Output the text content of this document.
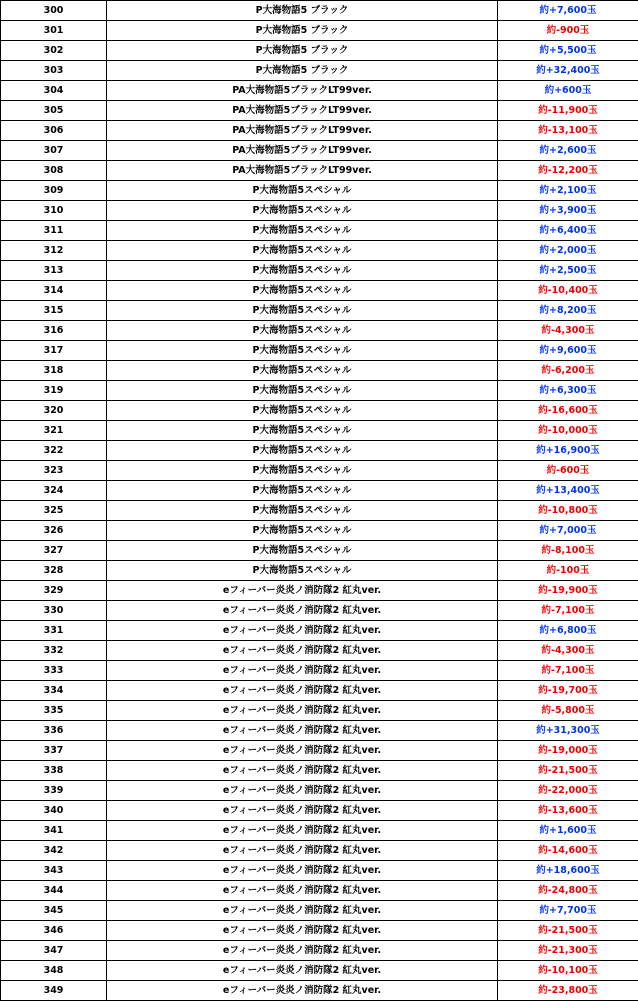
300	P大海物語5 ブラック	約+7,600玉
301	P大海物語5 ブラック	約-900玉
302	P大海物語5 ブラック	約+5,500玉
303	P大海物語5 ブラック	約+32,400玉
304	PA大海物語5ブラックLT99ver.	約+600玉
305	PA大海物語5ブラックLT99ver.	約-11,900玉
306	PA大海物語5ブラックLT99ver.	約-13,100玉
307	PA大海物語5ブラックLT99ver.	約+2,600玉
308	PA大海物語5ブラックLT99ver.	約-12,200玉
309	P大海物語5スペシャル	約+2,100玉
310	P大海物語5スペシャル	約+3,900玉
311	P大海物語5スペシャル	約+6,400玉
312	P大海物語5スペシャル	約+2,000玉
313	P大海物語5スペシャル	約+2,500玉
314	P大海物語5スペシャル	約-10,400玉
315	P大海物語5スペシャル	約+8,200玉
316	P大海物語5スペシャル	約-4,300玉
317	P大海物語5スペシャル	約+9,600玉
318	P大海物語5スペシャル	約-6,200玉
319	P大海物語5スペシャル	約+6,300玉
320	P大海物語5スペシャル	約-16,600玉
321	P大海物語5スペシャル	約-10,000玉
322	P大海物語5スペシャル	約+16,900玉
323	P大海物語5スペシャル	約-600玉
324	P大海物語5スペシャル	約+13,400玉
325	P大海物語5スペシャル	約-10,800玉
326	P大海物語5スペシャル	約+7,000玉
327	P大海物語5スペシャル	約-8,100玉
328	P大海物語5スペシャル	約-100玉
329	eフィーバー炎炎ノ消防隊2 紅丸ver.	約-19,900玉
330	eフィーバー炎炎ノ消防隊2 紅丸ver.	約-7,100玉
331	eフィーバー炎炎ノ消防隊2 紅丸ver.	約+6,800玉
332	eフィーバー炎炎ノ消防隊2 紅丸ver.	約-4,300玉
333	eフィーバー炎炎ノ消防隊2 紅丸ver.	約-7,100玉
334	eフィーバー炎炎ノ消防隊2 紅丸ver.	約-19,700玉
335	eフィーバー炎炎ノ消防隊2 紅丸ver.	約-5,800玉
336	eフィーバー炎炎ノ消防隊2 紅丸ver.	約+31,300玉
337	eフィーバー炎炎ノ消防隊2 紅丸ver.	約-19,000玉
338	eフィーバー炎炎ノ消防隊2 紅丸ver.	約-21,500玉
339	eフィーバー炎炎ノ消防隊2 紅丸ver.	約-22,000玉
340	eフィーバー炎炎ノ消防隊2 紅丸ver.	約-13,600玉
341	eフィーバー炎炎ノ消防隊2 紅丸ver.	約+1,600玉
342	eフィーバー炎炎ノ消防隊2 紅丸ver.	約-14,600玉
343	eフィーバー炎炎ノ消防隊2 紅丸ver.	約+18,600玉
344	eフィーバー炎炎ノ消防隊2 紅丸ver.	約-24,800玉
345	eフィーバー炎炎ノ消防隊2 紅丸ver.	約+7,700玉
346	eフィーバー炎炎ノ消防隊2 紅丸ver.	約-21,500玉
347	eフィーバー炎炎ノ消防隊2 紅丸ver.	約-21,300玉
348	eフィーバー炎炎ノ消防隊2 紅丸ver.	約-10,100玉
349	eフィーバー炎炎ノ消防隊2 紅丸ver.	約-23,800玉
